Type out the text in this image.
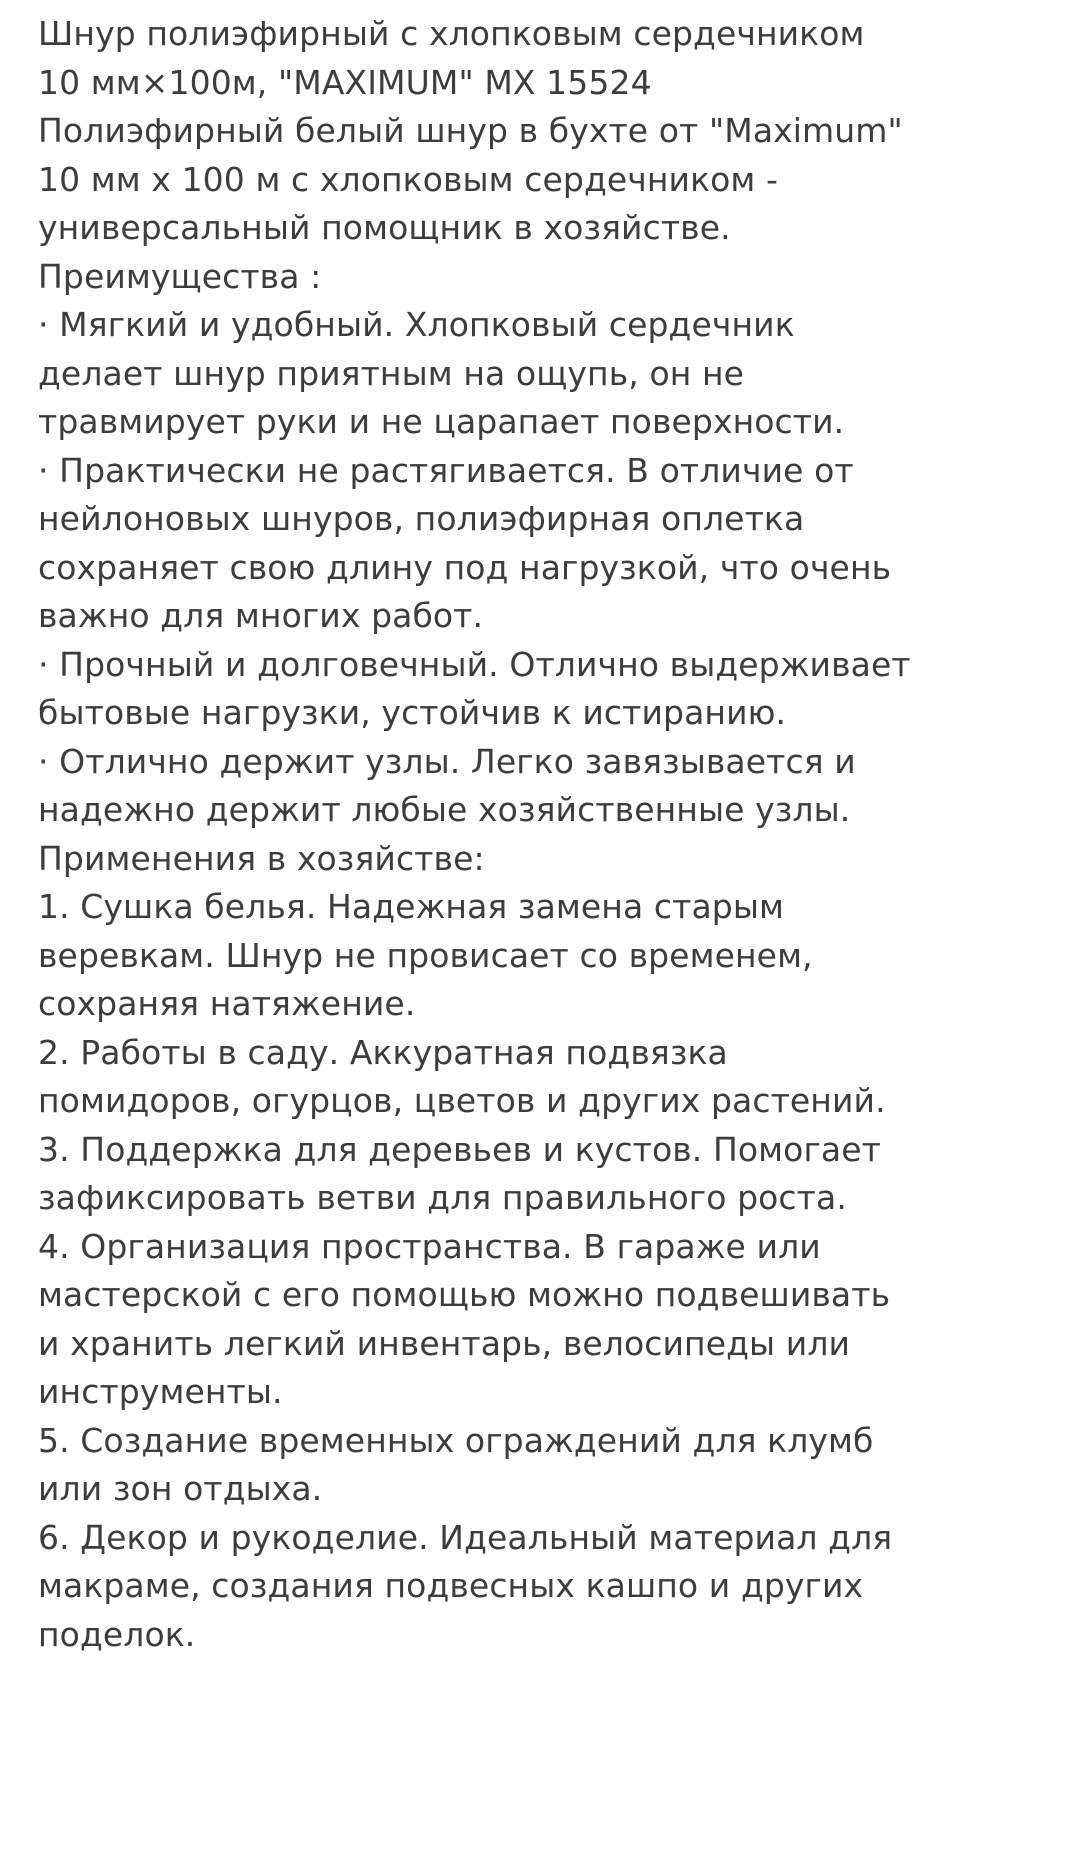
Шнур полиэфирный с хлопковым сердечником
10 мм×100м, "MAXIMUM" MX 15524
Полиэфирный белый шнур в бухте от "Maximum"
10 мм x 100 м с хлопковым сердечником -
универсальный помощник в хозяйстве.
Преимущества :
· Мягкий и удобный. Хлопковый сердечник
делает шнур приятным на ощупь, он не
травмирует руки и не царапает поверхности.
· Практически не растягивается. В отличие от
нейлоновых шнуров, полиэфирная оплетка
сохраняет свою длину под нагрузкой, что очень
важно для многих работ.
· Прочный и долговечный. Отлично выдерживает
бытовые нагрузки, устойчив к истиранию.
· Отлично держит узлы. Легко завязывается и
надежно держит любые хозяйственные узлы.
Применения в хозяйстве:
1. Сушка белья. Надежная замена старым
веревкам. Шнур не провисает со временем,
сохраняя натяжение.
2. Работы в саду. Аккуратная подвязка
помидоров, огурцов, цветов и других растений.
3. Поддержка для деревьев и кустов. Помогает
зафиксировать ветви для правильного роста.
4. Организация пространства. В гараже или
мастерской с его помощью можно подвешивать
и хранить легкий инвентарь, велосипеды или
инструменты.
5. Создание временных ограждений для клумб
или зон отдыха.
6. Декор и рукоделие. Идеальный материал для
макраме, создания подвесных кашпо и других
поделок.
